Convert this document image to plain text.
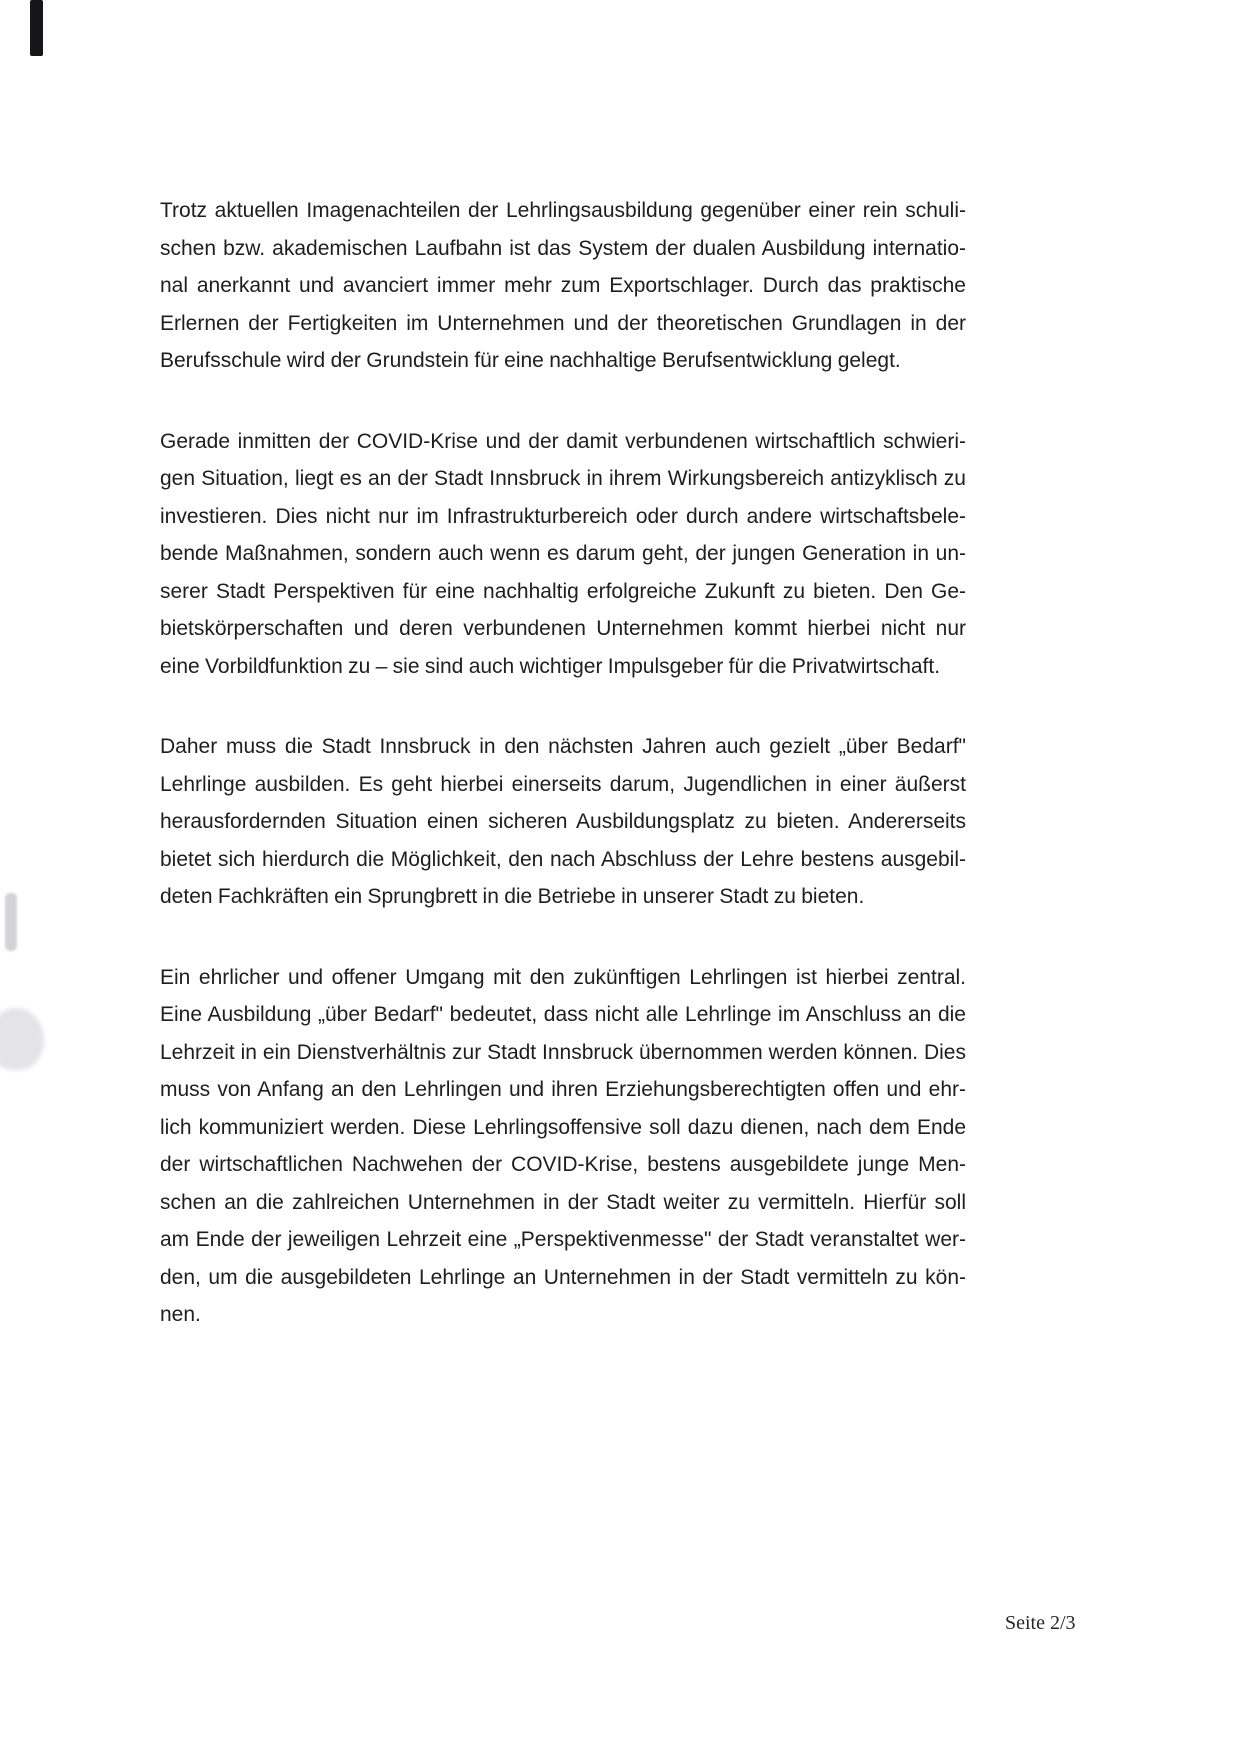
Trotz aktuellen Imagenachteilen der Lehrlingsausbildung gegenüber einer rein schuli-
schen bzw. akademischen Laufbahn ist das System der dualen Ausbildung internatio-
nal anerkannt und avanciert immer mehr zum Exportschlager. Durch das praktische
Erlernen der Fertigkeiten im Unternehmen und der theoretischen Grundlagen in der
Berufsschule wird der Grundstein für eine nachhaltige Berufsentwicklung gelegt.
Gerade inmitten der COVID-Krise und der damit verbundenen wirtschaftlich schwieri-
gen Situation, liegt es an der Stadt Innsbruck in ihrem Wirkungsbereich antizyklisch zu
investieren. Dies nicht nur im Infrastrukturbereich oder durch andere wirtschaftsbele-
bende Maßnahmen, sondern auch wenn es darum geht, der jungen Generation in un-
serer Stadt Perspektiven für eine nachhaltig erfolgreiche Zukunft zu bieten. Den Ge-
bietskörperschaften und deren verbundenen Unternehmen kommt hierbei nicht nur
eine Vorbildfunktion zu – sie sind auch wichtiger Impulsgeber für die Privatwirtschaft.
Daher muss die Stadt Innsbruck in den nächsten Jahren auch gezielt „über Bedarf"
Lehrlinge ausbilden. Es geht hierbei einerseits darum, Jugendlichen in einer äußerst
herausfordernden Situation einen sicheren Ausbildungsplatz zu bieten. Andererseits
bietet sich hierdurch die Möglichkeit, den nach Abschluss der Lehre bestens ausgebil-
deten Fachkräften ein Sprungbrett in die Betriebe in unserer Stadt zu bieten.
Ein ehrlicher und offener Umgang mit den zukünftigen Lehrlingen ist hierbei zentral.
Eine Ausbildung „über Bedarf" bedeutet, dass nicht alle Lehrlinge im Anschluss an die
Lehrzeit in ein Dienstverhältnis zur Stadt Innsbruck übernommen werden können. Dies
muss von Anfang an den Lehrlingen und ihren Erziehungsberechtigten offen und ehr-
lich kommuniziert werden. Diese Lehrlingsoffensive soll dazu dienen, nach dem Ende
der wirtschaftlichen Nachwehen der COVID-Krise, bestens ausgebildete junge Men-
schen an die zahlreichen Unternehmen in der Stadt weiter zu vermitteln. Hierfür soll
am Ende der jeweiligen Lehrzeit eine „Perspektivenmesse" der Stadt veranstaltet wer-
den, um die ausgebildeten Lehrlinge an Unternehmen in der Stadt vermitteln zu kön-
nen.
Seite 2/3
